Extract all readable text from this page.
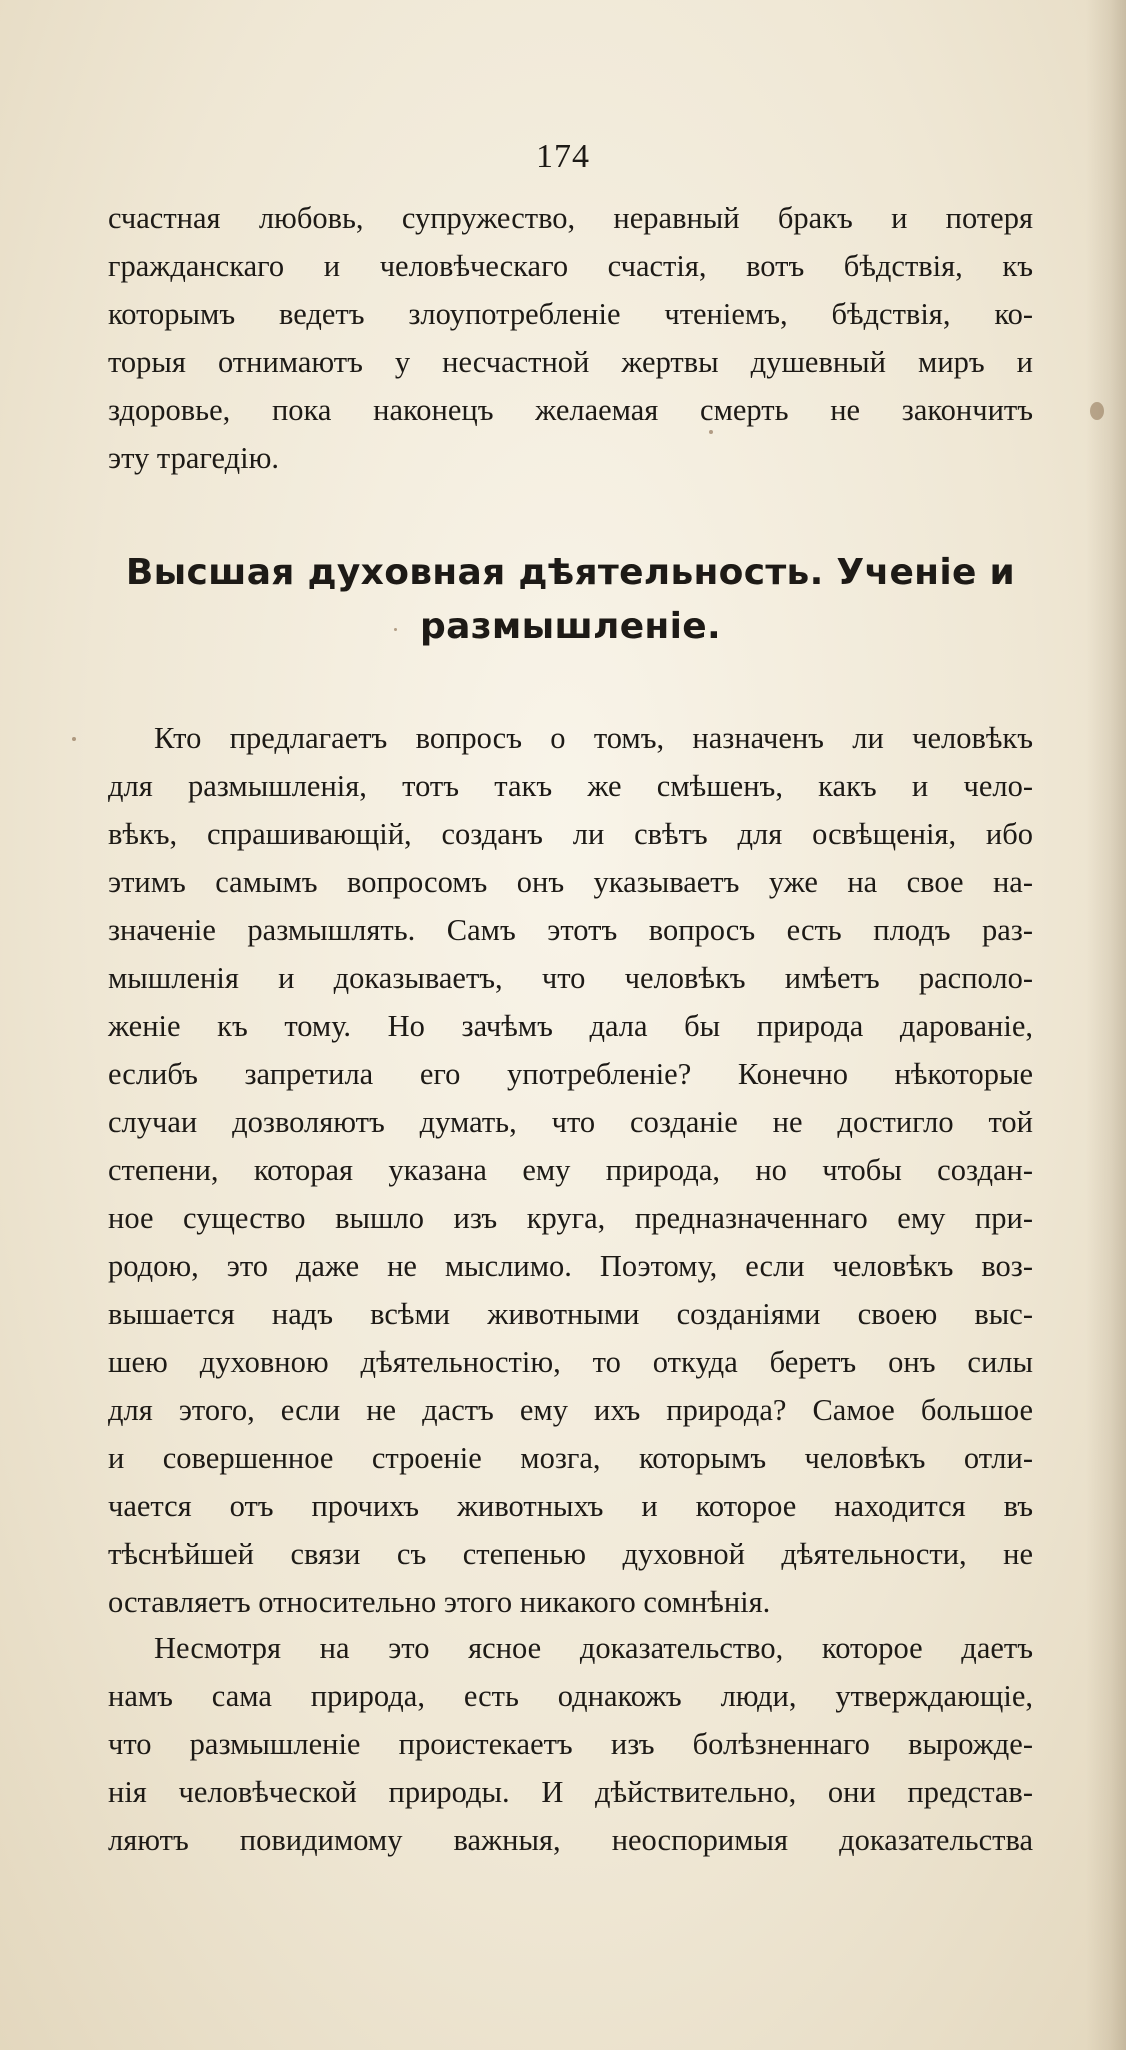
174
счастная любовь, супружество, неравный бракъ и потеря
гражданскаго и человѣческаго счастія, вотъ бѣдствія, къ
которымъ ведетъ злоупотребленіе чтеніемъ, бѣдствія, ко-
торыя отнимаютъ у несчастной жертвы душевный миръ и
здоровье, пока наконецъ желаемая смерть не закончитъ
эту трагедію.
Высшая духовная дѣятельность. Ученіе и
размышленіе.
Кто предлагаетъ вопросъ о томъ, назначенъ ли человѣкъ
для размышленія, тотъ такъ же смѣшенъ, какъ и чело-
вѣкъ, спрашивающій, созданъ ли свѣтъ для освѣщенія, ибо
этимъ самымъ вопросомъ онъ указываетъ уже на свое на-
значеніе размышлять. Самъ этотъ вопросъ есть плодъ раз-
мышленія и доказываетъ, что человѣкъ имѣетъ располо-
женіе къ тому. Но зачѣмъ дала бы природа дарованіе,
еслибъ запретила его употребленіе? Конечно нѣкоторые
случаи дозволяютъ думать, что созданіе не достигло той
степени, которая указана ему природа, но чтобы создан-
ное существо вышло изъ круга, предназначеннаго ему при-
родою, это даже не мыслимо. Поэтому, если человѣкъ воз-
вышается надъ всѣми животными созданіями своею выс-
шею духовною дѣятельностію, то откуда беретъ онъ силы
для этого, если не дастъ ему ихъ природа? Самое большое
и совершенное строеніе мозга, которымъ человѣкъ отли-
чается отъ прочихъ животныхъ и которое находится въ
тѣснѣйшей связи съ степенью духовной дѣятельности, не
оставляетъ относительно этого никакого сомнѣнія.
Несмотря на это ясное доказательство, которое даетъ
намъ сама природа, есть однакожъ люди, утверждающіе,
что размышленіе проистекаетъ изъ болѣзненнаго вырожде-
нія человѣческой природы. И дѣйствительно, они представ-
ляютъ повидимому важныя, неоспоримыя доказательства
